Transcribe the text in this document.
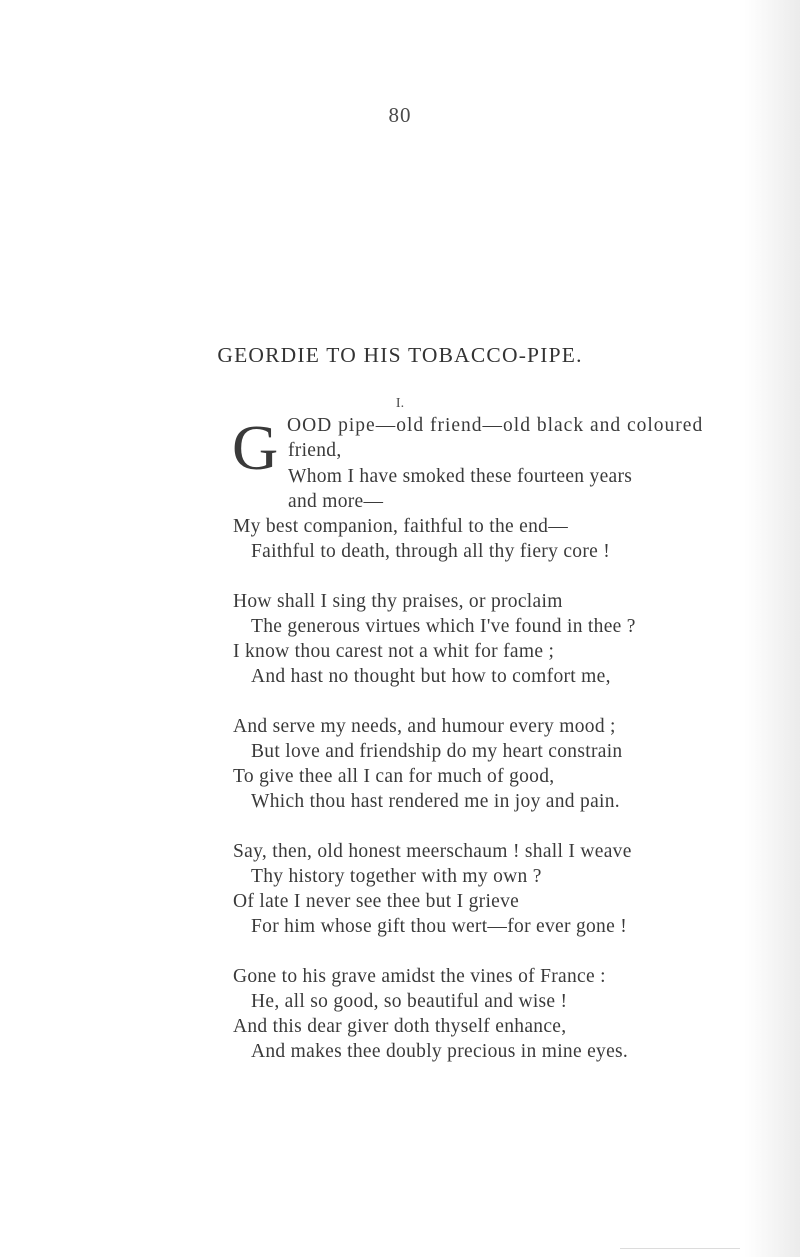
80
GEORDIE TO HIS TOBACCO-PIPE.
I.
G OOD pipe—old friend—old black and coloured
friend,
Whom I have smoked these fourteen years
and more—
My best companion, faithful to the end—
Faithful to death, through all thy fiery core !
How shall I sing thy praises, or proclaim
The generous virtues which I've found in thee ?
I know thou carest not a whit for fame ;
And hast no thought but how to comfort me,
And serve my needs, and humour every mood ;
But love and friendship do my heart constrain
To give thee all I can for much of good,
Which thou hast rendered me in joy and pain.
Say, then, old honest meerschaum ! shall I weave
Thy history together with my own ?
Of late I never see thee but I grieve
For him whose gift thou wert—for ever gone !
Gone to his grave amidst the vines of France :
He, all so good, so beautiful and wise !
And this dear giver doth thyself enhance,
And makes thee doubly precious in mine eyes.
